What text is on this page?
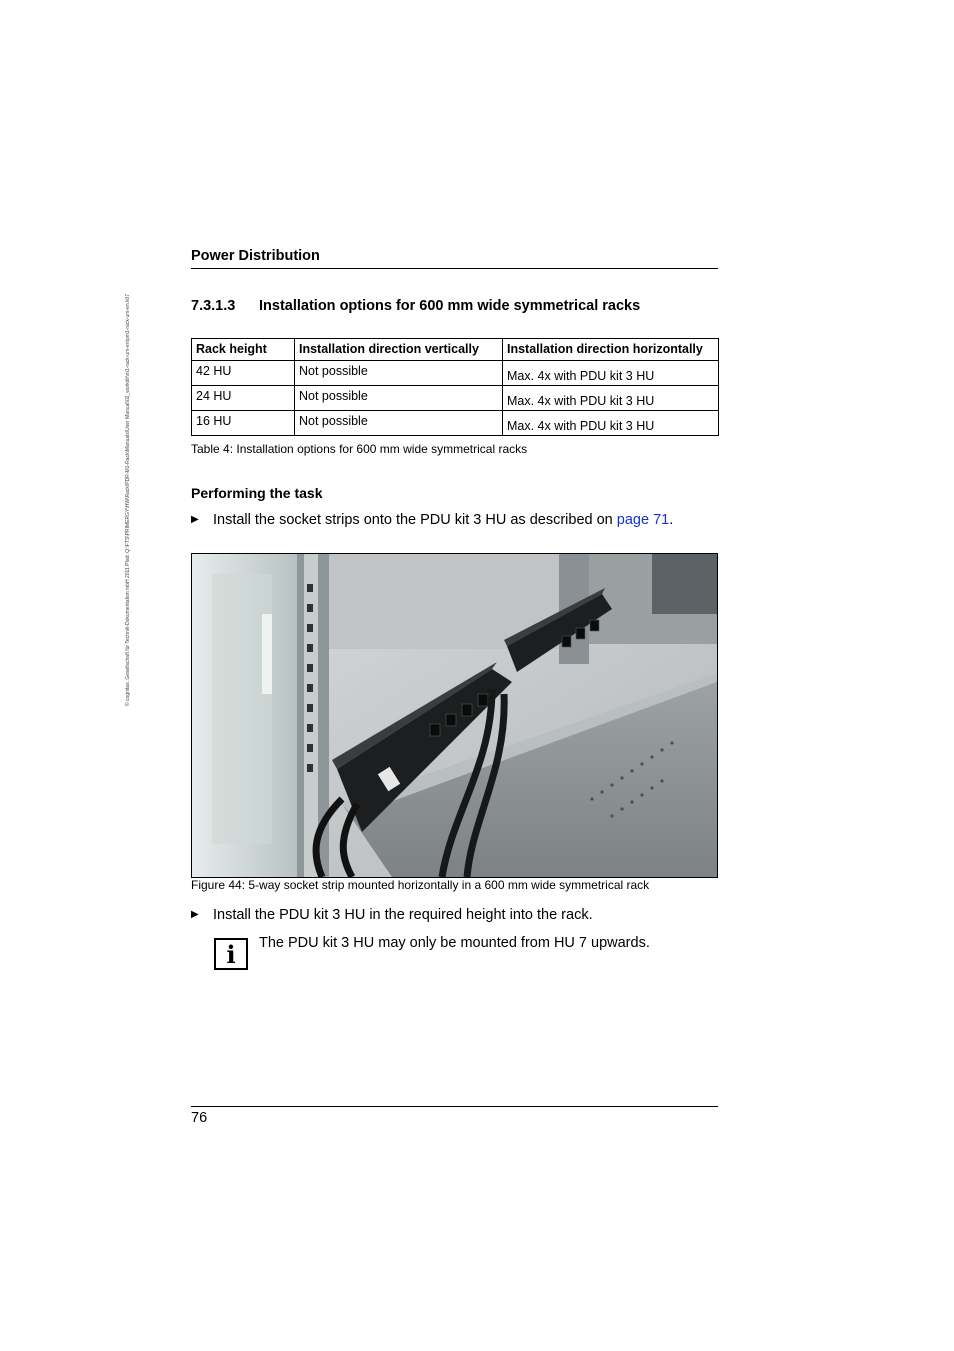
© cognitas. Gesellschaft für Technik-Dokumentation mbH 2011 Pfad: Q:\FTS\PRIMERGY\HW\Rack\PDR-M1-Rack\Manuals\User Manual\02_workdir\m1-rack-um-en\pm1-rack-um-en.k07
Power Distribution
7.3.1.3 Installation options for 600 mm wide symmetrical racks
Rack height	Installation direction vertically	Installation direction horizontally
42 HU	Not possible	Max. 4x with PDU kit 3 HU
24 HU	Not possible	Max. 4x with PDU kit 3 HU
16 HU	Not possible	Max. 4x with PDU kit 3 HU
Table 4: Installation options for 600 mm wide symmetrical racks
Performing the task
▶ Install the socket strips onto the PDU kit 3 HU as described on page 71.
Figure 44: 5-way socket strip mounted horizontally in a 600 mm wide symmetrical rack
▶ Install the PDU kit 3 HU in the required height into the rack.
i	The PDU kit 3 HU may only be mounted from HU 7 upwards.
76
